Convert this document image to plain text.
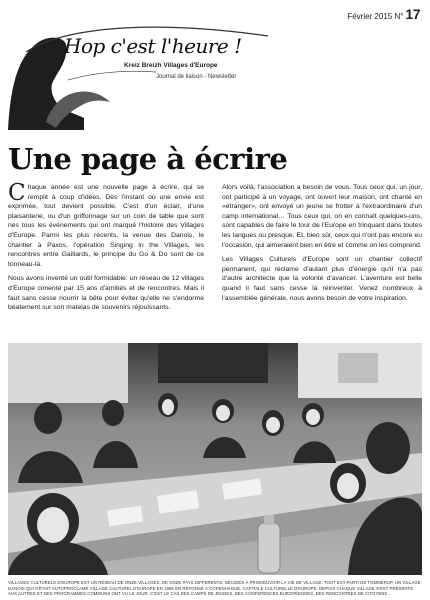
Février 2015 N° 17
Hop c'est l'heure !
Kreiz Breizh Villages d'Europe
Journal de liaison - Newsletter
Une page à écrire

Chaque année est une nouvelle page à écrire, qui se remplit à coup d'idées. Dès l'instant où une envie est exprimée, tout devient possible. C'est d'un éclair, d'une plaisanterie, ou d'un griffonnage sur un coin de table que sont nés tous les événements qui ont marqué l'histoire des Villages d'Europe. Parmi les plus récents, la venue des Danois, le chantier à Paxos, l'opération Singing in the Villages, les rencontres entre Gaillards, le principe du Go & Do sont de ce tonneau-là.

Nous avons inventé un outil formidable: un réseau de 12 villages d'Europe cimenté par 15 ans d'amitiés et de rencontres. Mais il faut sans cesse nourrir la bête pour éviter qu'elle ne s'endorme béatement sur son matelas de souvenirs réjouissants.

Alors voilà, l'association a besoin de vous. Tous ceux qui, un jour, ont participé à un voyage, ont ouvert leur maison, ont chanté en «étranger», ont envoyé un jeune se frotter à l'extraordinaire d'un camp international… Tous ceux qui, on en connaît quelques-uns, sont capables de faire le tour de l'Europe en trinquant dans toutes les langues ou presque. Et, bien sûr, ceux qui n'ont pas encore eu l'occasion, qui aimeraient bien en être et comme on les comprend.

Les Villages Culturels d'Europe sont un chantier collectif permanent, qui réclame d'autant plus d'énergie qu'il n'a pas d'autre architecte que la volonté d'avancer. L'aventure est belle quand il faut sans cesse la réinventer. Venez nombreux à l'assemblée générale, nous avons besoin de votre inspiration.

VILLAGES CULTURELS D'EUROPE EST UN RÉSEAU DE ONZE VILLAGES, DE ONZE PAYS DIFFÉRENTS, DÉCIDÉS À PROMOUVOIR LA VIE DE VILLAGE. TOUT EST PARTI DE TOMMERUP, UN VILLAGE DANOIS QUI S'ÉTAIT AUTOPROCLAMÉ VILLAGE CULTUREL D'EUROPE EN 1996 EN RÉPONSE À COPENHAGUE, CAPITALE CULTURELLE D'EUROPE. DEPUIS CHAQUE VILLAGE S'EST PRÉSENTÉ AUX AUTRES ET DES PROGRAMMES COMMUNS ONT VU LE JOUR. C'EST LE CAS DES CAMPS DE JEUNES, DES CONFÉRENCES EUROPÉENNES, DES RENCONTRES DE CITOYENS…
